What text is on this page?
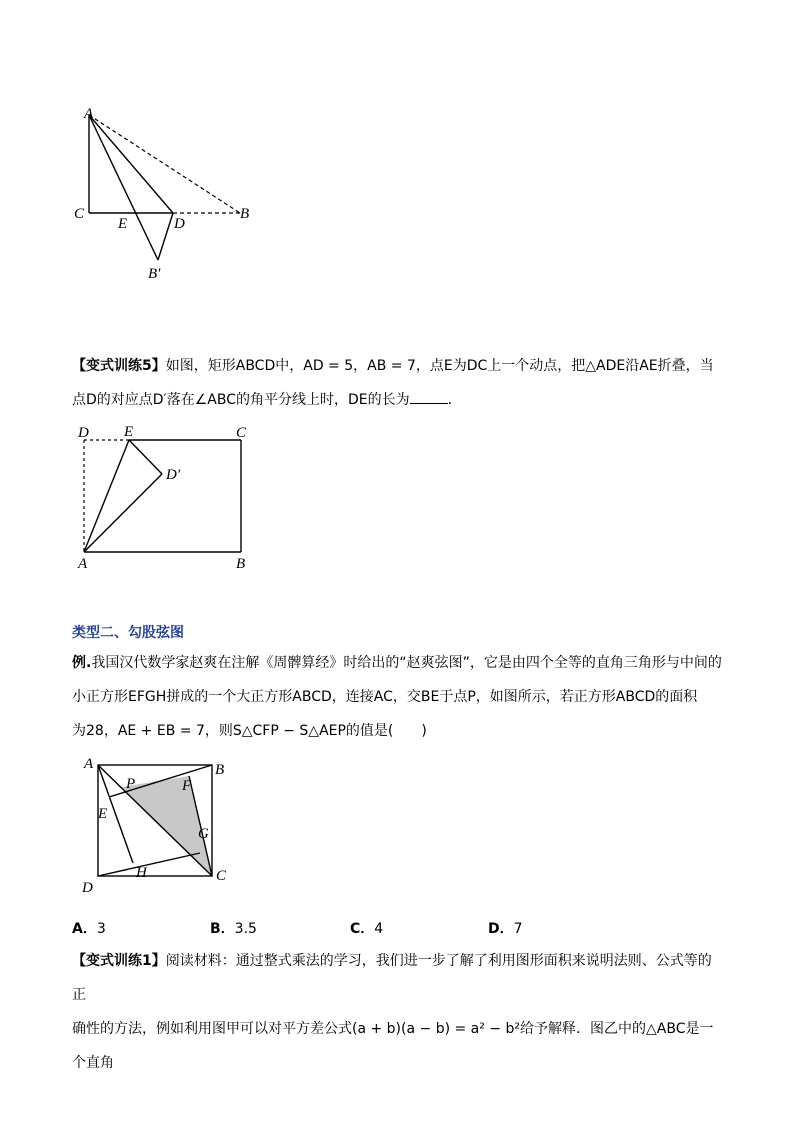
A
C
E	D
B
B′
【变式训练5】如图，矩形ABCD中，AD = 5，AB = 7，点E为DC上一个动点，把△ADE沿AE折叠，当
点D的对应点D′落在∠ABC的角平分线上时，DE的长为	．
D E	C
D′
A	B
类型二、勾股弦图
例.我国汉代数学家赵爽在注解《周髀算经》时给出的“赵爽弦图”，它是由四个全等的直角三角形与中间的
小正方形EFGH拼成的一个大正方形ABCD，连接AC，交BE于点P，如图所示，若正方形ABCD的面积
为28，AE + EB = 7，则S△CFP − S△AEP的值是(　　)
A	B
P	F
E
G
D
H	C
A．3	B．3.5	C．4	D．7
【变式训练1】阅读材料：通过整式乘法的学习，我们进一步了解了利用图形面积来说明法则、公式等的正
确性的方法，例如利用图甲可以对平方差公式(a + b)(a − b) = a² − b²给予解释．图乙中的△ABC是一个直角
